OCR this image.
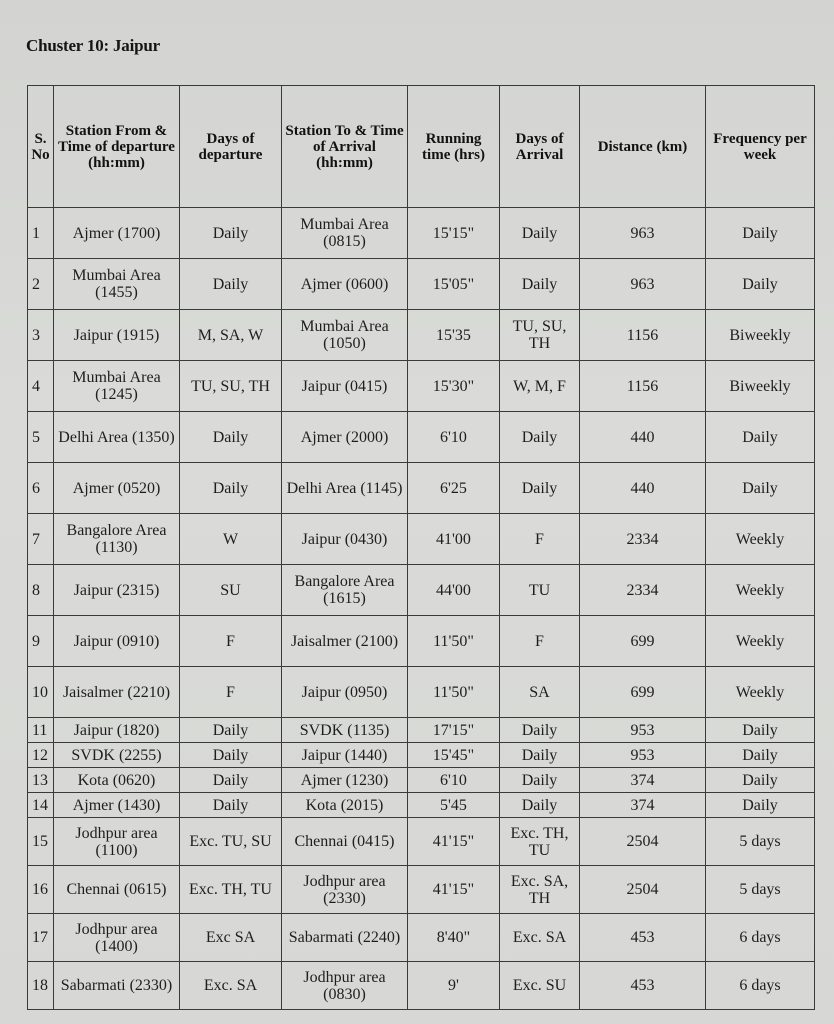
Chuster 10: Jaipur
S. No	Station From & Time of departure (hh:mm)	Days of departure	Station To & Time of Arrival (hh:mm)	Running time (hrs)	Days of Arrival	Distance (km)	Frequency per week
1	Ajmer (1700)	Daily	Mumbai Area (0815)	15'15"	Daily	963	Daily
2	Mumbai Area (1455)	Daily	Ajmer (0600)	15'05"	Daily	963	Daily
3	Jaipur (1915)	M, SA, W	Mumbai Area (1050)	15'35	TU, SU, TH	1156	Biweekly
4	Mumbai Area (1245)	TU, SU, TH	Jaipur (0415)	15'30"	W, M, F	1156	Biweekly
5	Delhi Area (1350)	Daily	Ajmer (2000)	6'10	Daily	440	Daily
6	Ajmer (0520)	Daily	Delhi Area (1145)	6'25	Daily	440	Daily
7	Bangalore Area (1130)	W	Jaipur (0430)	41'00	F	2334	Weekly
8	Jaipur (2315)	SU	Bangalore Area (1615)	44'00	TU	2334	Weekly
9	Jaipur (0910)	F	Jaisalmer (2100)	11'50"	F	699	Weekly
10	Jaisalmer (2210)	F	Jaipur (0950)	11'50"	SA	699	Weekly
11	Jaipur (1820)	Daily	SVDK (1135)	17'15"	Daily	953	Daily
12	SVDK (2255)	Daily	Jaipur (1440)	15'45"	Daily	953	Daily
13	Kota (0620)	Daily	Ajmer (1230)	6'10	Daily	374	Daily
14	Ajmer (1430)	Daily	Kota (2015)	5'45	Daily	374	Daily
15	Jodhpur area (1100)	Exc. TU, SU	Chennai (0415)	41'15"	Exc. TH, TU	2504	5 days
16	Chennai (0615)	Exc. TH, TU	Jodhpur area (2330)	41'15"	Exc. SA, TH	2504	5 days
17	Jodhpur area (1400)	Exc SA	Sabarmati (2240)	8'40"	Exc. SA	453	6 days
18	Sabarmati (2330)	Exc. SA	Jodhpur area (0830)	9'	Exc. SU	453	6 days
